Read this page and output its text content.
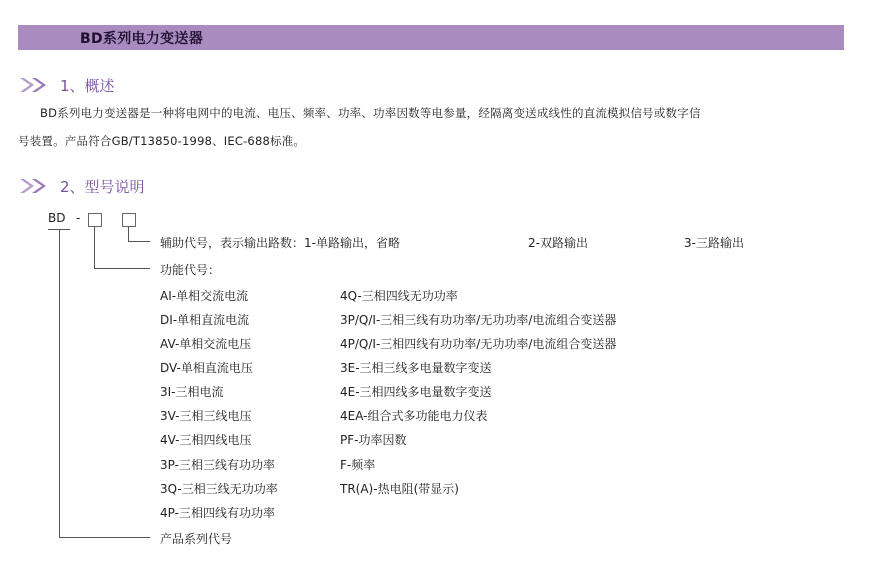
BD系列电力变送器
1、概述
BD系列电力变送器是一种将电网中的电流、电压、频率、功率、功率因数等电参量，经隔离变送成线性的直流模拟信号或数字信
号装置。产品符合GB/T13850-1998、IEC-688标准。
2、型号说明
BD -
辅助代号，表示输出路数：1-单路输出，省略	2-双路输出	3-三路输出
功能代号：
AI-单相交流电流
DI-单相直流电流
AV-单相交流电压
DV-单相直流电压
3I-三相电流
3V-三相三线电压
4V-三相四线电压
3P-三相三线有功功率
3Q-三相三线无功功率
4P-三相四线有功功率
4Q-三相四线无功功率
3P/Q/I-三相三线有功功率/无功功率/电流组合变送器
4P/Q/I-三相四线有功功率/无功功率/电流组合变送器
3E-三相三线多电量数字变送
4E-三相四线多电量数字变送
4EA-组合式多功能电力仪表
PF-功率因数
F-频率
TR(A)-热电阻(带显示)
产品系列代号
